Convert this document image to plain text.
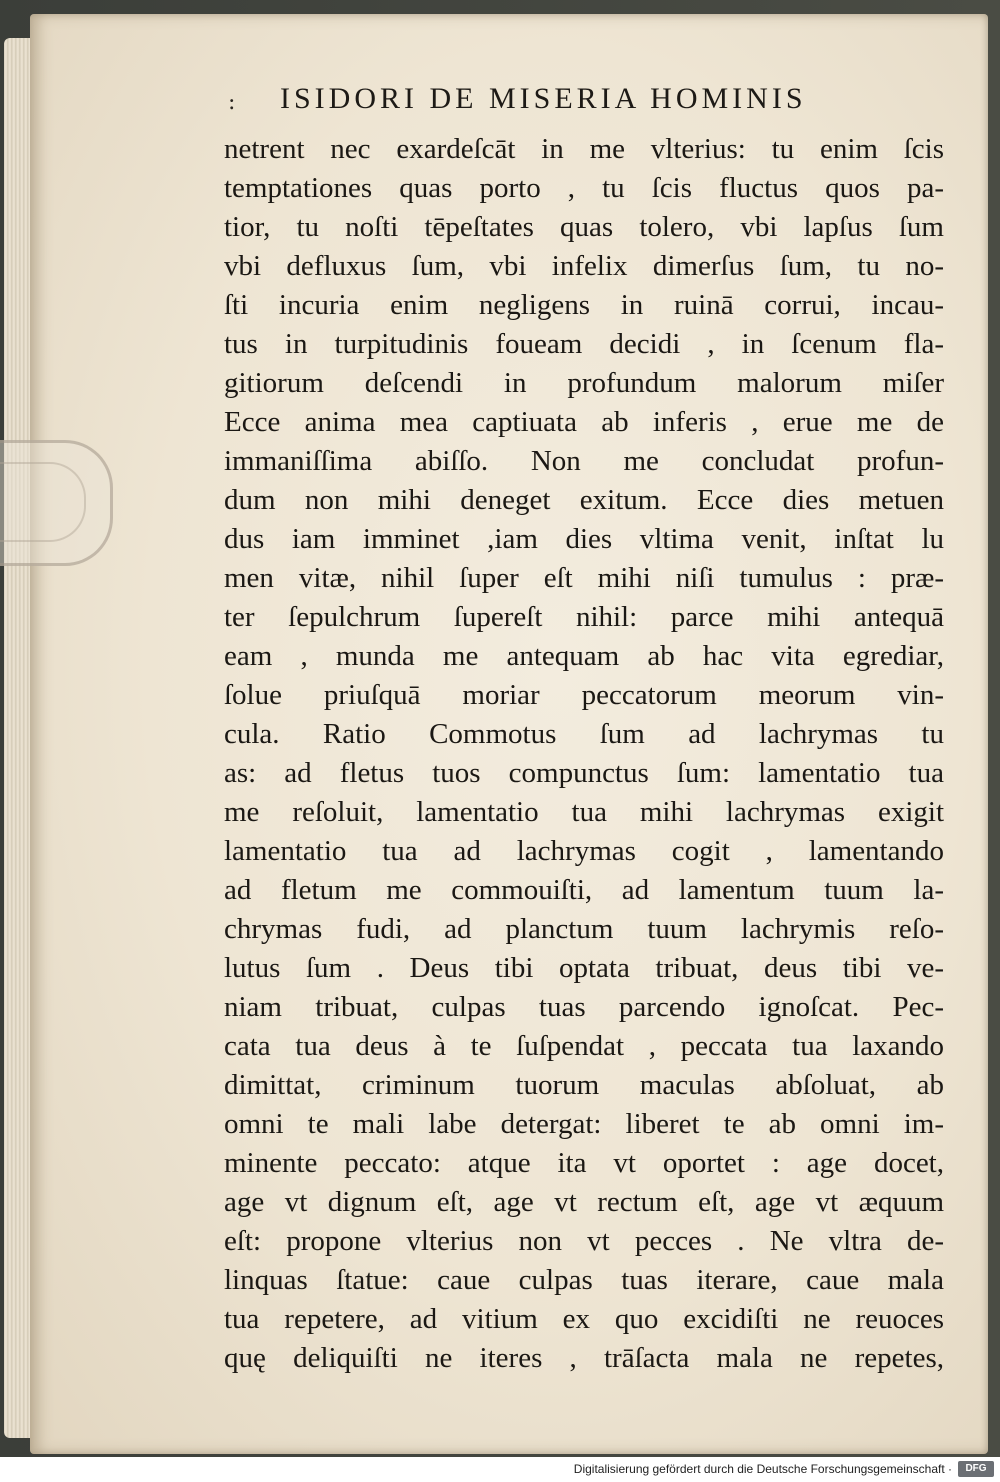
: ISIDORI DE MISERIA HOMINIS
netrent nec exardeſcāt in me vlterius: tu enim ſcis
temptationes quas porto , tu ſcis fluctus quos pa-
tior, tu noſti tēpeſtates quas tolero, vbi lapſus ſum
vbi defluxus ſum, vbi infelix dimerſus ſum, tu no-
ſti incuria enim negligens in ruinā corrui, incau-
tus in turpitudinis foueam decidi , in ſcenum fla-
gitiorum deſcendi in profundum malorum miſer
Ecce anima mea captiuata ab inferis , erue me de
immaniſſima abiſſo. Non me concludat profun-
dum non mihi deneget exitum. Ecce dies metuen
dus iam imminet ,iam dies vltima venit, inſtat lu
men vitæ, nihil ſuper eſt mihi niſi tumulus : præ-
ter ſepulchrum ſupereſt nihil: parce mihi antequā
eam , munda me antequam ab hac vita egrediar,
ſolue priuſquā moriar peccatorum meorum vin-
cula. Ratio Commotus ſum ad lachrymas tu
as: ad fletus tuos compunctus ſum: lamentatio tua
me reſoluit, lamentatio tua mihi lachrymas exigit
lamentatio tua ad lachrymas cogit , lamentando
ad fletum me commouiſti, ad lamentum tuum la-
chrymas fudi, ad planctum tuum lachrymis reſo-
lutus ſum . Deus tibi optata tribuat, deus tibi ve-
niam tribuat, culpas tuas parcendo ignoſcat. Pec-
cata tua deus à te ſuſpendat , peccata tua laxando
dimittat, criminum tuorum maculas abſoluat, ab
omni te mali labe detergat: liberet te ab omni im-
minente peccato: atque ita vt oportet : age docet,
age vt dignum eſt, age vt rectum eſt, age vt æquum
eſt: propone vlterius non vt pecces . Ne vltra de-
linquas ſtatue: caue culpas tuas iterare, caue mala
tua repetere, ad vitium ex quo excidiſti ne reuoces
quę deliquiſti ne iteres , trāſacta mala ne repetes,
Digitalisierung gefördert durch die Deutsche Forschungsgemeinschaft ·	DFG
